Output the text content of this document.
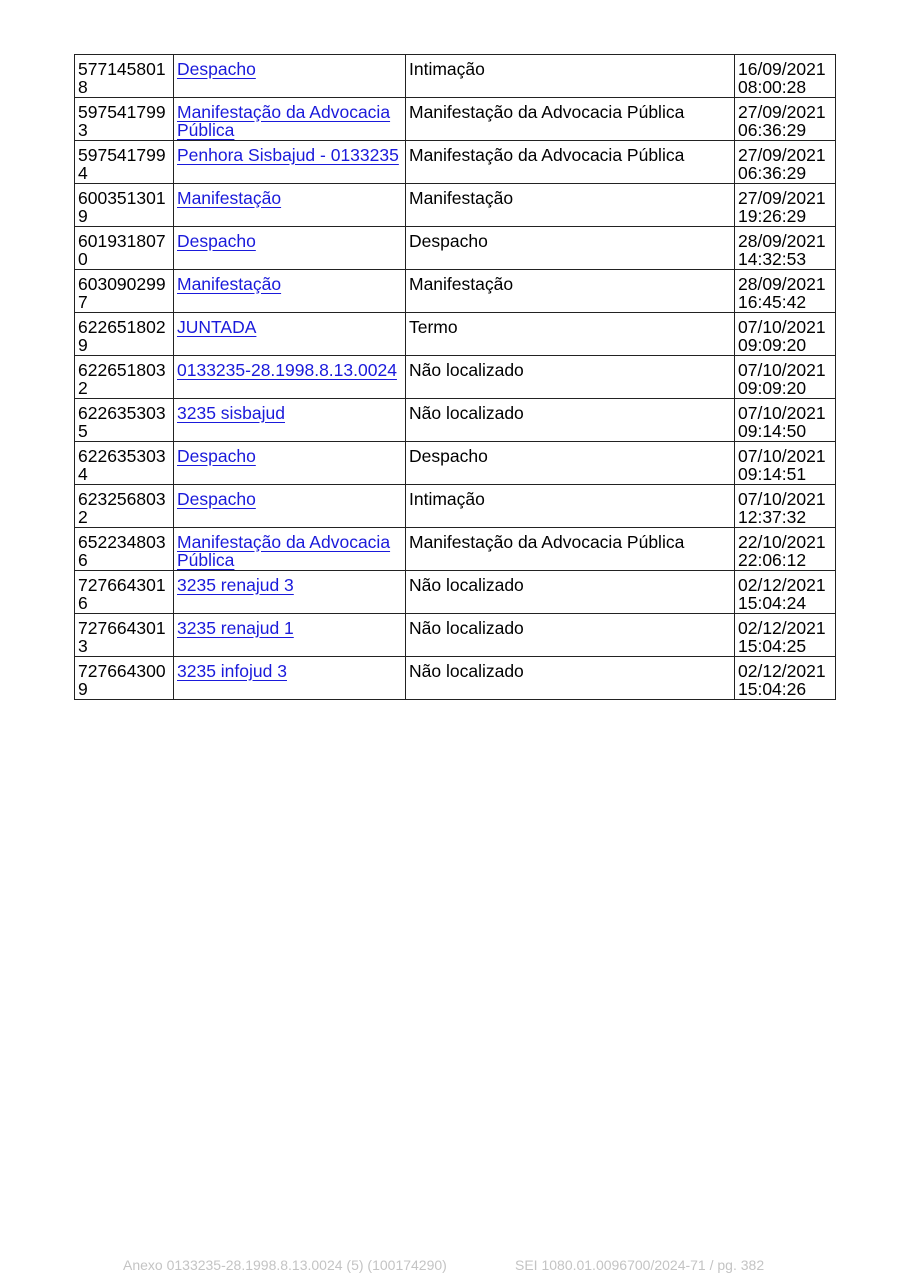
5771458018	Despacho	Intimação	16/09/2021
08:00:28

5975417993	Manifestação da Advocacia Pública	Manifestação da Advocacia Pública	27/09/2021
06:36:29

5975417994	Penhora Sisbajud - 0133235	Manifestação da Advocacia Pública	27/09/2021
06:36:29

6003513019	Manifestação	Manifestação	27/09/2021
19:26:29

6019318070	Despacho	Despacho	28/09/2021
14:32:53

6030902997	Manifestação	Manifestação	28/09/2021
16:45:42

6226518029	JUNTADA	Termo	07/10/2021
09:09:20

6226518032	0133235-28.1998.8.13.0024	Não localizado	07/10/2021
09:09:20

6226353035	3235 sisbajud	Não localizado	07/10/2021
09:14:50

6226353034	Despacho	Despacho	07/10/2021
09:14:51

6232568032	Despacho	Intimação	07/10/2021
12:37:32

6522348036	Manifestação da Advocacia Pública	Manifestação da Advocacia Pública	22/10/2021
22:06:12

7276643016	3235 renajud 3	Não localizado	02/12/2021
15:04:24

7276643013	3235 renajud 1	Não localizado	02/12/2021
15:04:25

7276643009	3235 infojud 3	Não localizado	02/12/2021
15:04:26
Anexo 0133235-28.1998.8.13.0024 (5) (100174290)	SEI 1080.01.0096700/2024-71 / pg. 382
